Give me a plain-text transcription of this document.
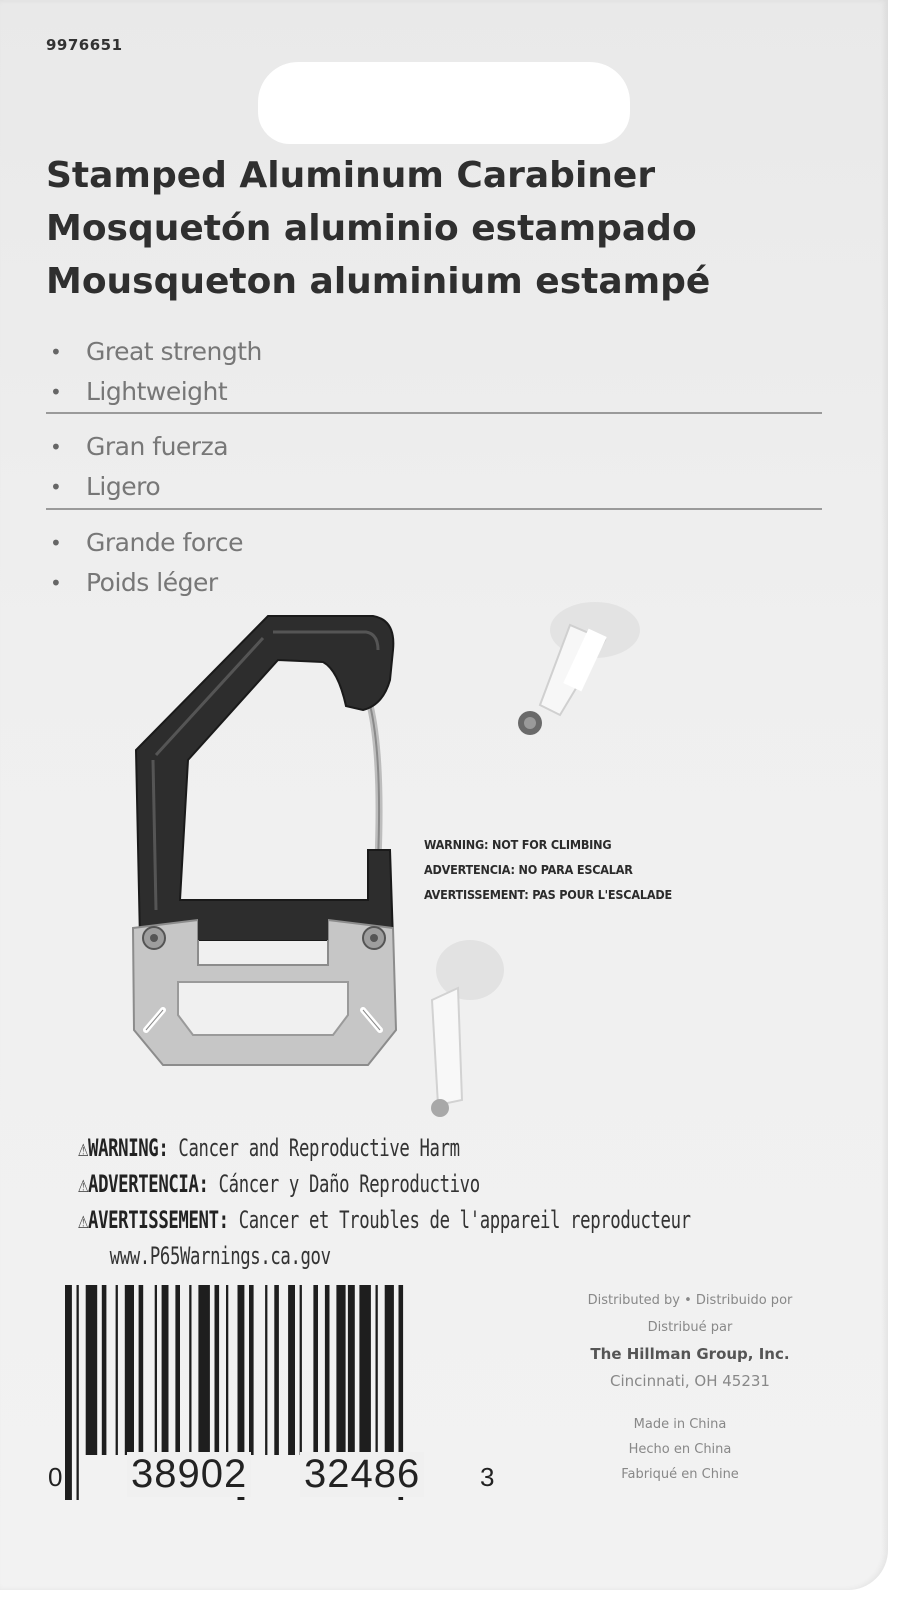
9976651
Stamped Aluminum Carabiner
Mosquetón aluminio estampado
Mousqueton aluminium estampé
• Great strength
• Lightweight
• Gran fuerza
• Ligero
• Grande force
• Poids léger
WARNING: NOT FOR CLIMBING
ADVERTENCIA: NO PARA ESCALAR
AVERTISSEMENT: PAS POUR L'ESCALADE
⚠WARNING: Cancer and Reproductive Harm
⚠ADVERTENCIA: Cáncer y Daño Reproductivo
⚠AVERTISSEMENT: Cancer et Troubles de l'appareil reproducteur
www.P65Warnings.ca.gov
0 38902 32486 3
Distributed by • Distribuido por
Distribué par
The Hillman Group, Inc.
Cincinnati, OH 45231
Made in China
Hecho en China
Fabriqué en Chine
